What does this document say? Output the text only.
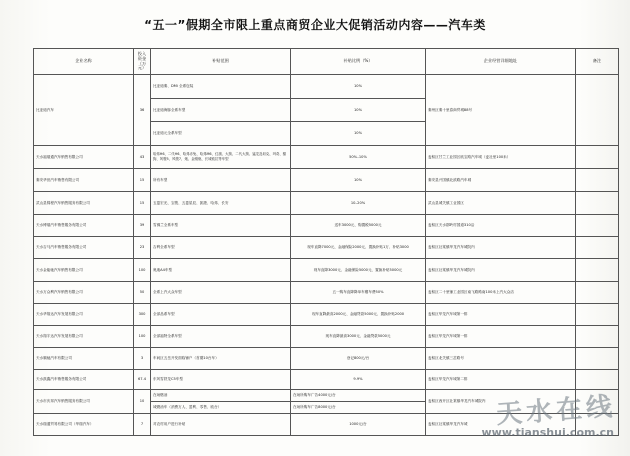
“五一”假期全市限上重点商贸企业大促销活动内容——汽车类
企业名称	投入资金（万元）	补贴范围	补贴比例（%）	企业经营详细地址	备注
比亚迪汽车	36	比亚迪秦、DMi 全系包装	10%	秦州区秦十里春商贸城88号	
		比亚迪海豚全系车型	10%		
		比亚迪元全系车型	10%		
天水福瑞通汽车销售有限公司	43	哈弗H6、二代H6、哈弗赤兔、哈弗M6、红旗、大狗、二代大狗、猛龙及坦克、玛奇、酷狗、风骏5、风骏7、炮、金刚炮、长城欧拉等车型	50%–10%	麦积区甘兰工业园区欧宝路汽车城（麦社里100米）	
秦安华世汽车销售有限公司	15	所有车型	10%	秦安县兴国镇北滨路汽车城	
武山县锦程汽车销售服务有限公司	15	五菱宏光、宝骏、五菱星辰、凯捷、哈弗、长安	10–20%	武山县城关镇工业园区	
天水博瑞汽车销售服务有限公司	39	雪佛兰全系车型	送车3000元、购置税5000元	麦积区天水郡岭村国道310沿	
天水吉马汽车销售服务有限公司	23	吉利全系车型	现车直降7000元、金融保险2000元、置换补贴1万、补贴3000	麦积区社棠镇华龙汽车城院内	
天水金能驰汽车销售有限公司	100	奥迪A4车型	现车直降3000元、金融保险5000元、置换补贴5000元	麦积区社棠镇华龙汽车城院内	
天水万众利汽车销售有限公司	50	全系上汽大众车型	五一购车直降降单车赠车费50%	麦积区二十里铺工业园区南飞路路南100米上汽大众店	
天水华翔达汽车发展有限公司	300	全部品系车型	现车直降最高2000元、金融贷款5000元、置换补贴2000	麦积区华龙汽车城第一排	
天水翔宇达汽车发展有限公司	100	全部福特全系车型	现车直降最高3000元、金融贷款5000元	麦积区华龙汽车城第一排	
天水顺驰汽车有限公司	3	车间区五岳开发面临铺户（首期10台车）	登记800元/台	麦积区北关镇三岔路号	
天水凯鑫汽车销售服务有限公司	67.4	东风雪铁龙C5车型	9.9%	麦积区华龙汽车城第二排	
天水市庆邦汽车销售服务有限公司	10	在场燃油	在场所购车广告4000元/台	麦积区西开区社棠镇华龙汽车城院内	
		城燃油车（消费万人、盈利、零售、欧台）	在场所购车广告8000元/台		
天水瑞通贸易有限公司（华瑞汽车）	7	对农村用户进行补贴	1000元/台	麦积区社棠镇华龙汽车城	天水在线
www.tianshui.com.cn
